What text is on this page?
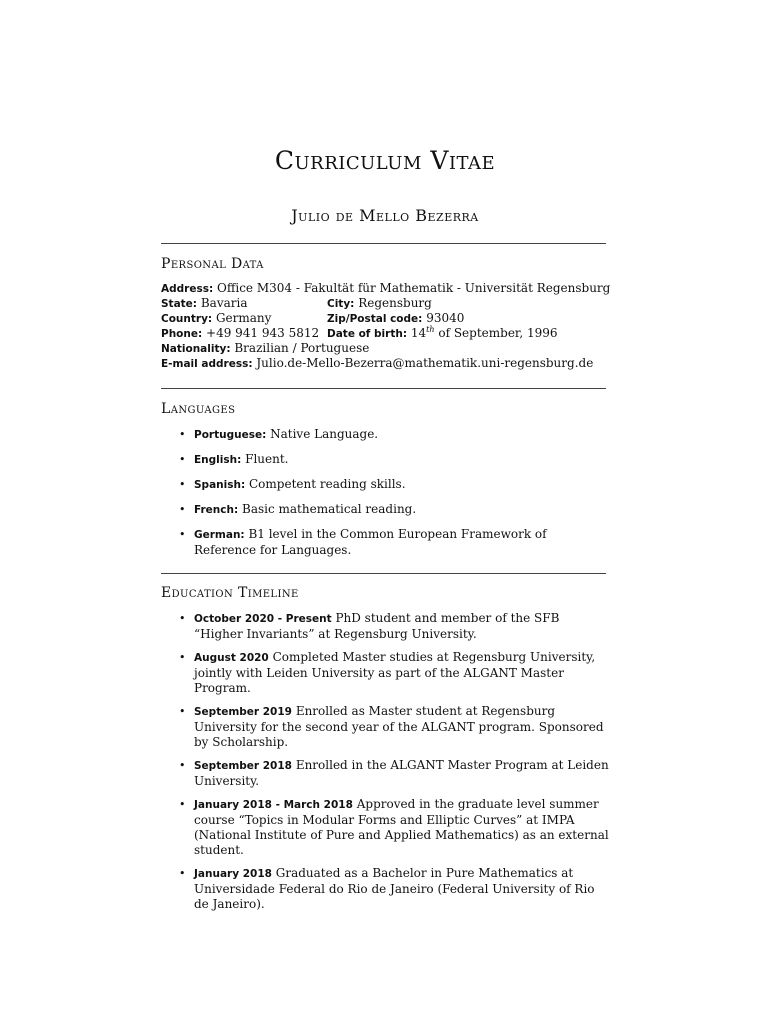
Curriculum Vitae
Julio de Mello Bezerra
Personal Data
Address: Office M304 - Fakultät für Mathematik - Universität Regensburg
State: Bavaria	City: Regensburg
Country: Germany	Zip/Postal code: 93040
Phone: +49 941 943 5812 Date of birth: 14th of September, 1996
Nationality: Brazilian / Portuguese
E-mail address: Julio.de-Mello-Bezerra@mathematik.uni-regensburg.de
Languages
• Portuguese: Native Language.
• English: Fluent.
• Spanish: Competent reading skills.
• French: Basic mathematical reading.
• German: B1 level in the Common European Framework of Reference for Languages.
Education Timeline
• October 2020 - Present PhD student and member of the SFB “Higher Invariants” at Regensburg University.
• August 2020 Completed Master studies at Regensburg University, jointly with Leiden University as part of the ALGANT Master Program.
• September 2019 Enrolled as Master student at Regensburg University for the second year of the ALGANT program. Sponsored by Scholarship.
• September 2018 Enrolled in the ALGANT Master Program at Leiden University.
• January 2018 - March 2018 Approved in the graduate level summer course “Topics in Modular Forms and Elliptic Curves” at IMPA (National Institute of Pure and Applied Mathematics) as an external student.
• January 2018 Graduated as a Bachelor in Pure Mathematics at Universidade Federal do Rio de Janeiro (Federal University of Rio de Janeiro).
